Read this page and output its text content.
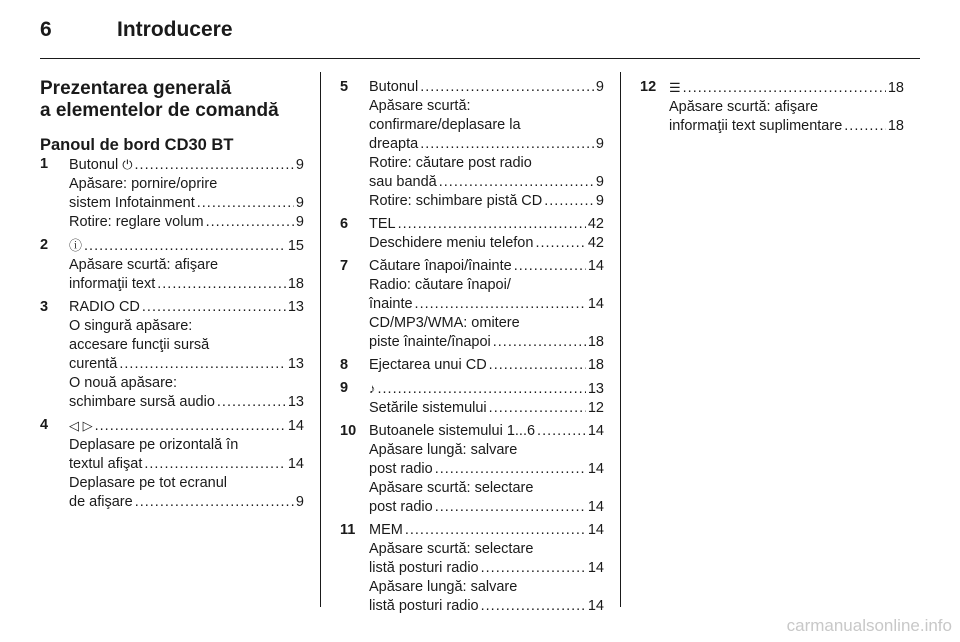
6	Introducere
Prezentarea generală
a elementelor de comandă
Panoul de bord CD30 BT
1 Butonul ⏻ .....	9
Apăsare: pornire/oprire
sistem Infotainment .....	9
Rotire: reglare volum .....	9
2 ⓘ .....	15
Apăsare scurtă: afişare
informaţii text .....	18
3 RADIO CD .....	13
O singură apăsare:
accesare funcţii sursă
curentă .....	13
O nouă apăsare:
schimbare sursă audio .....	13
4 ◁ ▷ .....	14
Deplasare pe orizontală în
textul afişat .....	14
Deplasare pe tot ecranul
de afişare .....	9
5 Butonul .....	9
Apăsare scurtă:
confirmare/deplasare la
dreapta .....	9
Rotire: căutare post radio
sau bandă .....	9
Rotire: schimbare pistă CD .....	9
6 TEL .....	42
Deschidere meniu telefon .....	42
7 Căutare înapoi/înainte .....	14
Radio: căutare înapoi/
înainte .....	14
CD/MP3/WMA: omitere
piste înainte/înapoi .....	18
8 Ejectarea unui CD .....	18
9 ♪ .....	13
Setările sistemului .....	12
10 Butoanele sistemului 1...6 .....	14
Apăsare lungă: salvare
post radio .....	14
Apăsare scurtă: selectare
post radio .....	14
11 MEM .....	14
Apăsare scurtă: selectare
listă posturi radio .....	14
Apăsare lungă: salvare
listă posturi radio .....	14
12 ☰ .....	18
Apăsare scurtă: afişare
informaţii text suplimentare .....	18
carmanualsonline.info
